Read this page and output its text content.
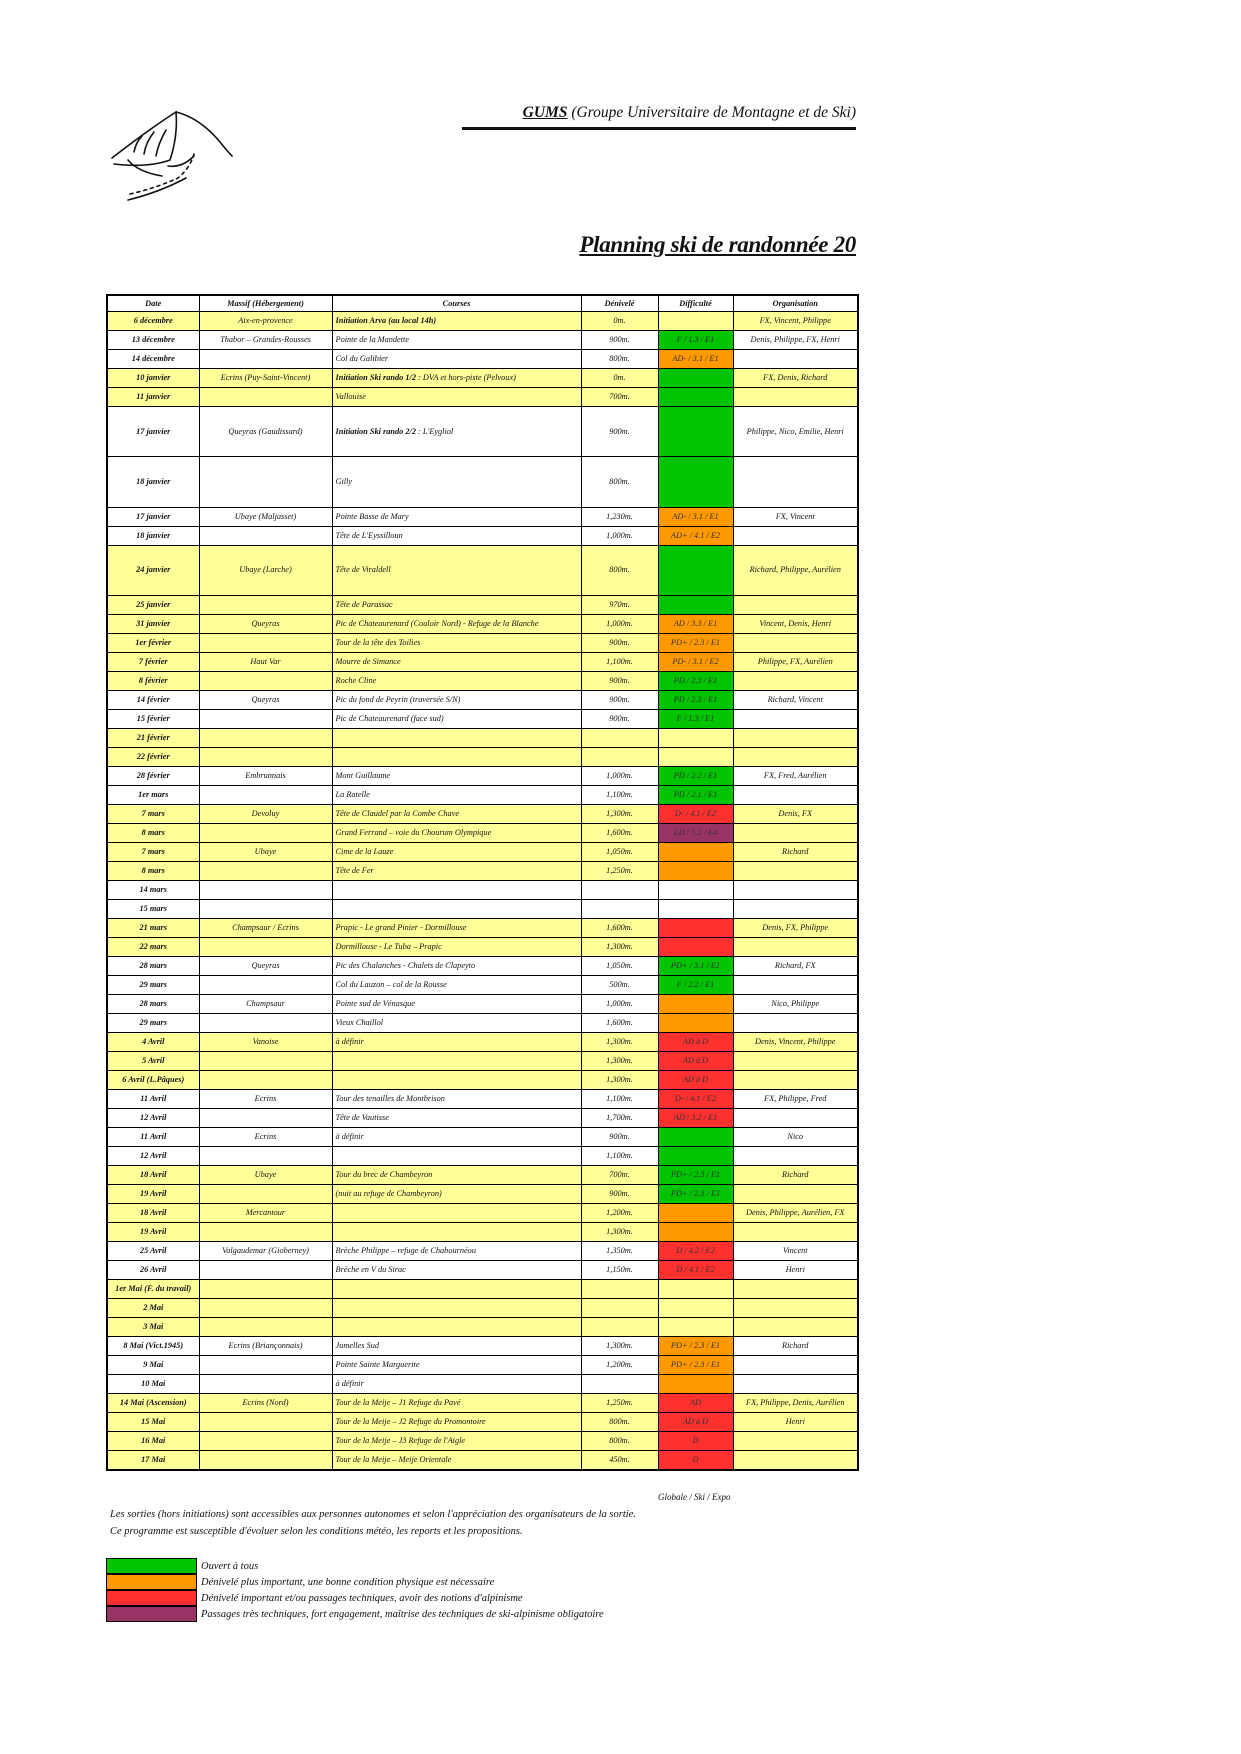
GUMS (Groupe Universitaire de Montagne et de Ski)
Planning ski de randonnée 20
Date	Massif (Hébergement)	Courses	Dénivelé	Difficulté	Organisation
6 décembre	Aix-en-provence	Initiation Arva (au local 14h)	0m.		FX, Vincent, Philippe
13 décembre	Thabor – Grandes-Rousses	Pointe de la Mandette	900m.	F / 1.3 / E1	Denis, Philippe, FX, Henri
14 décembre		Col du Galibier	800m.	AD- / 3.1 / E1	
10 janvier	Ecrins (Puy-Saint-Vincent)	Initiation Ski rando 1/2 : DVA et hors-piste (Pelvoux)	0m.		FX, Denis, Richard
11 janvier		Vallouise	700m.		
17 janvier	Queyras (Gaudissard)	Initiation Ski rando 2/2 : L'Eygliol	900m.		Philippe, Nico, Emilie, Henri
18 janvier		Gilly	800m.		
17 janvier	Ubaye (Maljasset)	Pointe Basse de Mary	1,230m.	AD- / 3.1 / E1	FX, Vincent
18 janvier		Tête de L'Eyssilloun	1,000m.	AD+ / 4.1 / E2	
24 janvier	Ubaye (Larche)	Tête de Viraldell	800m.		Richard, Philippe, Aurélien
25 janvier		Tête de Parassac	970m.		
31 janvier	Queyras	Pic de Chateaurenard (Couloir Nord) - Refuge de la Blanche	1,000m.	AD / 3.3 / E1	Vincent, Denis, Henri
1er février		Tour de la tête des Toilies	900m.	PD+ / 2.3 / E1	
7 février	Haut Var	Mourre de Simance	1,100m.	PD- / 3.1 / E2	Philippe, FX, Aurélien
8 février		Roche Cline	900m.	PD / 2.3 / E1	
14 février	Queyras	Pic du fond de Peyrin (traversée S/N)	900m.	PD / 2.3 / E1	Richard, Vincent
15 février		Pic de Chateaurenard (face sud)	900m.	F / 1.3 / E1	
21 février					
22 février					
28 février	Embrunnais	Mont Guillaume	1,000m.	PD / 2.2 / E1	FX, Fred, Aurélien
1er mars		La Ratelle	1,100m.	PD / 2.1 / E1	
7 mars	Devoluy	Tête de Claudel par la Combe Chave	1,300m.	D- / 4.1 / E2	Denis, FX
8 mars		Grand Ferrand – voie du Chourum Olympique	1,600m.	ED / 5.2 / E4	
7 mars	Ubaye	Cime de la Lauze	1,050m.		Richard
8 mars		Tête de Fer	1,250m.		
14 mars					
15 mars					
21 mars	Champsaur / Ecrins	Prapic - Le grand Pinier - Dormillouse	1,600m.		Denis, FX, Philippe
22 mars		Dormillouse - Le Tuba – Prapic	1,300m.		
28 mars	Queyras	Pic des Chalanches - Chalets de Clapeyto	1,050m.	PD+ / 3.1 / E1	Richard, FX
29 mars		Col du Lauzon – col de la Rousse	500m.	F / 2.2 / E1	
28 mars	Champsaur	Pointe sud de Vénasque	1,000m.		Nico, Philippe
29 mars		Vieux Chaillol	1,600m.		
4 Avril	Vanoise	à définir	1,300m.	AD à D	Denis, Vincent, Philippe
5 Avril			1,300m.	AD à D	
6 Avril (L.Pâques)			1,300m.	AD à D	
11 Avril	Ecrins	Tour des tenailles de Montbrison	1,100m.	D- / 4.1 / E2	FX, Philippe, Fred
12 Avril		Tête de Vautisse	1,700m.	AD / 3.2 / E1	
11 Avril	Ecrins	à définir	900m.		Nico
12 Avril			1,100m.		
18 Avril	Ubaye	Tour du brec de Chambeyron	700m.	PD+ / 2.3 / E1	Richard
19 Avril		(nuit au refuge de Chambeyron)	900m.	PD+ / 2.3 / E1	
18 Avril	Mercantour		1,200m.		Denis, Philippe, Aurélien, FX
19 Avril			1,300m.		
25 Avril	Valgaudemar (Gioberney)	Brèche Philippe – refuge de Chabournéou	1,350m.	D / 4.2 / E2	Vincent
26 Avril		Brèche en V du Sirac	1,150m.	D / 4.1 / E2	Henri
1er Mai (F. du travail)					
2 Mai					
3 Mai					
8 Mai (Vict.1945)	Ecrins (Briançonnais)	Jumelles Sud	1,300m.	PD+ / 2.3 / E1	Richard
9 Mai		Pointe Sainte Marguerite	1,200m.	PD+ / 2.3 / E1	
10 Mai		à définir			
14 Mai (Ascension)	Ecrins (Nord)	Tour de la Meije – J1 Refuge du Pavé	1,250m.	AD	FX, Philippe, Denis, Aurélien
15 Mai		Tour de la Meije – J2 Refuge du Promontoire	800m.	AD à D	Henri
16 Mai		Tour de la Meije – J3 Refuge de l'Aigle	800m.	D	
17 Mai		Tour de la Meije – Meije Orientale	450m.	D	
Globale / Ski / Expo
Les sorties (hors initiations) sont accessibles aux personnes autonomes et selon l'appréciation des organisateurs de la sortie.
Ce programme est susceptible d'évoluer selon les conditions météo, les reports et les propositions.
Ouvert à tous
Dénivelé plus important, une bonne condition physique est nécessaire
Dénivelé important et/ou passages techniques, avoir des notions d'alpinisme
Passages très techniques, fort engagement, maîtrise des techniques de ski-alpinisme obligatoire
